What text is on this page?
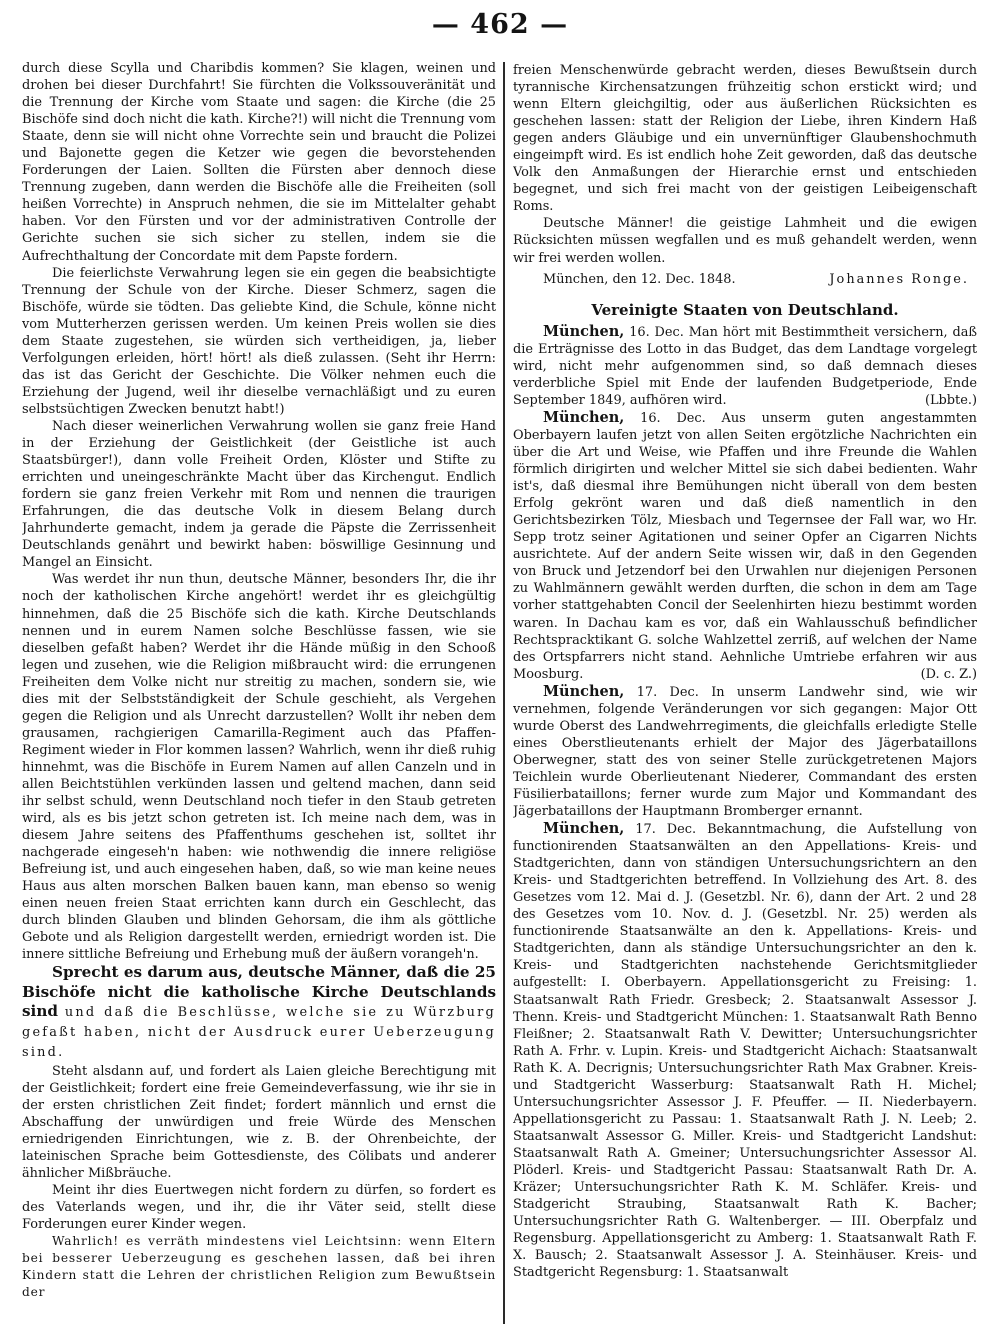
— 462 —

durch diese Scylla und Charibdis kommen? Sie klagen, weinen und drohen bei dieser Durchfahrt! Sie fürchten die Volkssouveränität und die Trennung der Kirche vom Staate und sagen: die Kirche (die 25 Bischöfe sind doch nicht die kath. Kirche?!) will nicht die Trennung vom Staate, denn sie will nicht ohne Vorrechte sein und braucht die Polizei und Bajonette gegen die Ketzer wie gegen die bevorstehenden Forderungen der Laien. Sollten die Fürsten aber dennoch diese Trennung zugeben, dann werden die Bischöfe alle die Freiheiten (soll heißen Vorrechte) in Anspruch nehmen, die sie im Mittelalter gehabt haben. Vor den Fürsten und vor der administrativen Controlle der Gerichte suchen sie sich sicher zu stellen, indem sie die Aufrechthaltung der Concordate mit dem Papste fordern.

Die feierlichste Verwahrung legen sie ein gegen die beabsichtigte Trennung der Schule von der Kirche. Dieser Schmerz, sagen die Bischöfe, würde sie tödten. Das geliebte Kind, die Schule, könne nicht vom Mutterherzen gerissen werden. Um keinen Preis wollen sie dies dem Staate zugestehen, sie würden sich vertheidigen, ja, lieber Verfolgungen erleiden, hört! hört! als dieß zulassen. (Seht ihr Herrn: das ist das Gericht der Geschichte. Die Völker nehmen euch die Erziehung der Jugend, weil ihr dieselbe vernachläßigt und zu euren selbstsüchtigen Zwecken benutzt habt!)

Nach dieser weinerlichen Verwahrung wollen sie ganz freie Hand in der Erziehung der Geistlichkeit (der Geistliche ist auch Staatsbürger!), dann volle Freiheit Orden, Klöster und Stifte zu errichten und uneingeschränkte Macht über das Kirchengut. Endlich fordern sie ganz freien Verkehr mit Rom und nennen die traurigen Erfahrungen, die das deutsche Volk in diesem Belang durch Jahrhunderte gemacht, indem ja gerade die Päpste die Zerrissenheit Deutschlands genährt und bewirkt haben: böswillige Gesinnung und Mangel an Einsicht.

Was werdet ihr nun thun, deutsche Männer, besonders Ihr, die ihr noch der katholischen Kirche angehört! werdet ihr es gleichgültig hinnehmen, daß die 25 Bischöfe sich die kath. Kirche Deutschlands nennen und in eurem Namen solche Beschlüsse fassen, wie sie dieselben gefaßt haben? Werdet ihr die Hände müßig in den Schooß legen und zusehen, wie die Religion mißbraucht wird: die errungenen Freiheiten dem Volke nicht nur streitig zu machen, sondern sie, wie dies mit der Selbstständigkeit der Schule geschieht, als Vergehen gegen die Religion und als Unrecht darzustellen? Wollt ihr neben dem grausamen, rachgierigen Camarilla-Regiment auch das Pfaffen-Regiment wieder in Flor kommen lassen? Wahrlich, wenn ihr dieß ruhig hinnehmt, was die Bischöfe in Eurem Namen auf allen Canzeln und in allen Beichtstühlen verkünden lassen und geltend machen, dann seid ihr selbst schuld, wenn Deutschland noch tiefer in den Staub getreten wird, als es bis jetzt schon getreten ist. Ich meine nach dem, was in diesem Jahre seitens des Pfaffenthums geschehen ist, solltet ihr nachgerade eingeseh'n haben: wie nothwendig die innere religiöse Befreiung ist, und auch eingesehen haben, daß, so wie man keine neues Haus aus alten morschen Balken bauen kann, man ebenso so wenig einen neuen freien Staat errichten kann durch ein Geschlecht, das durch blinden Glauben und blinden Gehorsam, die ihm als göttliche Gebote und als Religion dargestellt werden, erniedrigt worden ist. Die innere sittliche Befreiung und Erhebung muß der äußern vorangeh'n.

Sprecht es darum aus, deutsche Männer, daß die 25 Bischöfe nicht die katholische Kirche Deutschlands sind und daß die Beschlüsse, welche sie zu Würzburg gefaßt haben, nicht der Ausdruck eurer Ueberzeugung sind.

Steht alsdann auf, und fordert als Laien gleiche Berechtigung mit der Geistlichkeit; fordert eine freie Gemeindeverfassung, wie ihr sie in der ersten christlichen Zeit findet; fordert männlich und ernst die Abschaffung der unwürdigen und freie Würde des Menschen erniedrigenden Einrichtungen, wie z. B. der Ohrenbeichte, der lateinischen Sprache beim Gottesdienste, des Cölibats und anderer ähnlicher Mißbräuche.

Meint ihr dies Euertwegen nicht fordern zu dürfen, so fordert es des Vaterlands wegen, und ihr, die ihr Väter seid, stellt diese Forderungen eurer Kinder wegen.

Wahrlich! es verräth mindestens viel Leichtsinn: wenn Eltern bei besserer Ueberzeugung es geschehen lassen, daß bei ihren Kindern statt die Lehren der christlichen Religion zum Bewußtsein der

freien Menschenwürde gebracht werden, dieses Bewußtsein durch tyrannische Kirchensatzungen frühzeitig schon erstickt wird; und wenn Eltern gleichgiltig, oder aus äußerlichen Rücksichten es geschehen lassen: statt der Religion der Liebe, ihren Kindern Haß gegen anders Gläubige und ein unvernünftiger Glaubenshochmuth eingeimpft wird. Es ist endlich hohe Zeit geworden, daß das deutsche Volk den Anmaßungen der Hierarchie ernst und entschieden begegnet, und sich frei macht von der geistigen Leibeigenschaft Roms.

Deutsche Männer! die geistige Lahmheit und die ewigen Rücksichten müssen wegfallen und es muß gehandelt werden, wenn wir frei werden wollen.

München, den 12. Dec. 1848.	Johannes Ronge.

Vereinigte Staaten von Deutschland.

München, 16. Dec. Man hört mit Bestimmtheit versichern, daß die Erträgnisse des Lotto in das Budget, das dem Landtage vorgelegt wird, nicht mehr aufgenommen sind, so daß demnach dieses verderbliche Spiel mit Ende der laufenden Budgetperiode, Ende September 1849, aufhören wird.	(Lbbte.)

München, 16. Dec. Aus unserm guten angestammten Oberbayern laufen jetzt von allen Seiten ergötzliche Nachrichten ein über die Art und Weise, wie Pfaffen und ihre Freunde die Wahlen förmlich dirigirten und welcher Mittel sie sich dabei bedienten. Wahr ist's, daß diesmal ihre Bemühungen nicht überall von dem besten Erfolg gekrönt waren und daß dieß namentlich in den Gerichtsbezirken Tölz, Miesbach und Tegernsee der Fall war, wo Hr. Sepp trotz seiner Agitationen und seiner Opfer an Cigarren Nichts ausrichtete. Auf der andern Seite wissen wir, daß in den Gegenden von Bruck und Jetzendorf bei den Urwahlen nur diejenigen Personen zu Wahlmännern gewählt werden durften, die schon in dem am Tage vorher stattgehabten Concil der Seelenhirten hiezu bestimmt worden waren. In Dachau kam es vor, daß ein Wahlausschuß befindlicher Rechtspracktikant G. solche Wahlzettel zerriß, auf welchen der Name des Ortspfarrers nicht stand. Aehnliche Umtriebe erfahren wir aus Moosburg.	(D. c. Z.)

München, 17. Dec. In unserm Landwehr sind, wie wir vernehmen, folgende Veränderungen vor sich gegangen: Major Ott wurde Oberst des Landwehrregiments, die gleichfalls erledigte Stelle eines Oberstlieutenants erhielt der Major des Jägerbataillons Oberwegner, statt des von seiner Stelle zurückgetretenen Majors Teichlein wurde Oberlieutenant Niederer, Commandant des ersten Füsilierbataillons; ferner wurde zum Major und Kommandant des Jägerbataillons der Hauptmann Bromberger ernannt.

München, 17. Dec. Bekanntmachung, die Aufstellung von functionirenden Staatsanwälten an den Appellations- Kreis- und Stadtgerichten, dann von ständigen Untersuchungsrichtern an den Kreis- und Stadtgerichten betreffend. In Vollziehung des Art. 8. des Gesetzes vom 12. Mai d. J. (Gesetzbl. Nr. 6), dann der Art. 2 und 28 des Gesetzes vom 10. Nov. d. J. (Gesetzbl. Nr. 25) werden als functionirende Staatsanwälte an den k. Appellations- Kreis- und Stadtgerichten, dann als ständige Untersuchungsrichter an den k. Kreis- und Stadtgerichten nachstehende Gerichtsmitglieder aufgestellt: I. Oberbayern. Appellationsgericht zu Freising: 1. Staatsanwalt Rath Friedr. Gresbeck; 2. Staatsanwalt Assessor J. Thenn. Kreis- und Stadtgericht München: 1. Staatsanwalt Rath Benno Fleißner; 2. Staatsanwalt Rath V. Dewitter; Untersuchungsrichter Rath A. Frhr. v. Lupin. Kreis- und Stadtgericht Aichach: Staatsanwalt Rath K. A. Decrignis; Untersuchungsrichter Rath Max Grabner. Kreis- und Stadtgericht Wasserburg: Staatsanwalt Rath H. Michel; Untersuchungsrichter Assessor J. F. Pfeuffer. — II. Niederbayern. Appellationsgericht zu Passau: 1. Staatsanwalt Rath J. N. Leeb; 2. Staatsanwalt Assessor G. Miller. Kreis- und Stadtgericht Landshut: Staatsanwalt Rath A. Gmeiner; Untersuchungsrichter Assessor Al. Plöderl. Kreis- und Stadtgericht Passau: Staatsanwalt Rath Dr. A. Kräzer; Untersuchungsrichter Rath K. M. Schläfer. Kreis- und Stadgericht Straubing, Staatsanwalt Rath K. Bacher; Untersuchungsrichter Rath G. Waltenberger. — III. Oberpfalz und Regensburg. Appellationsgericht zu Amberg: 1. Staatsanwalt Rath F. X. Bausch; 2. Staatsanwalt Assessor J. A. Steinhäuser. Kreis- und Stadtgericht Regensburg: 1. Staatsanwalt
